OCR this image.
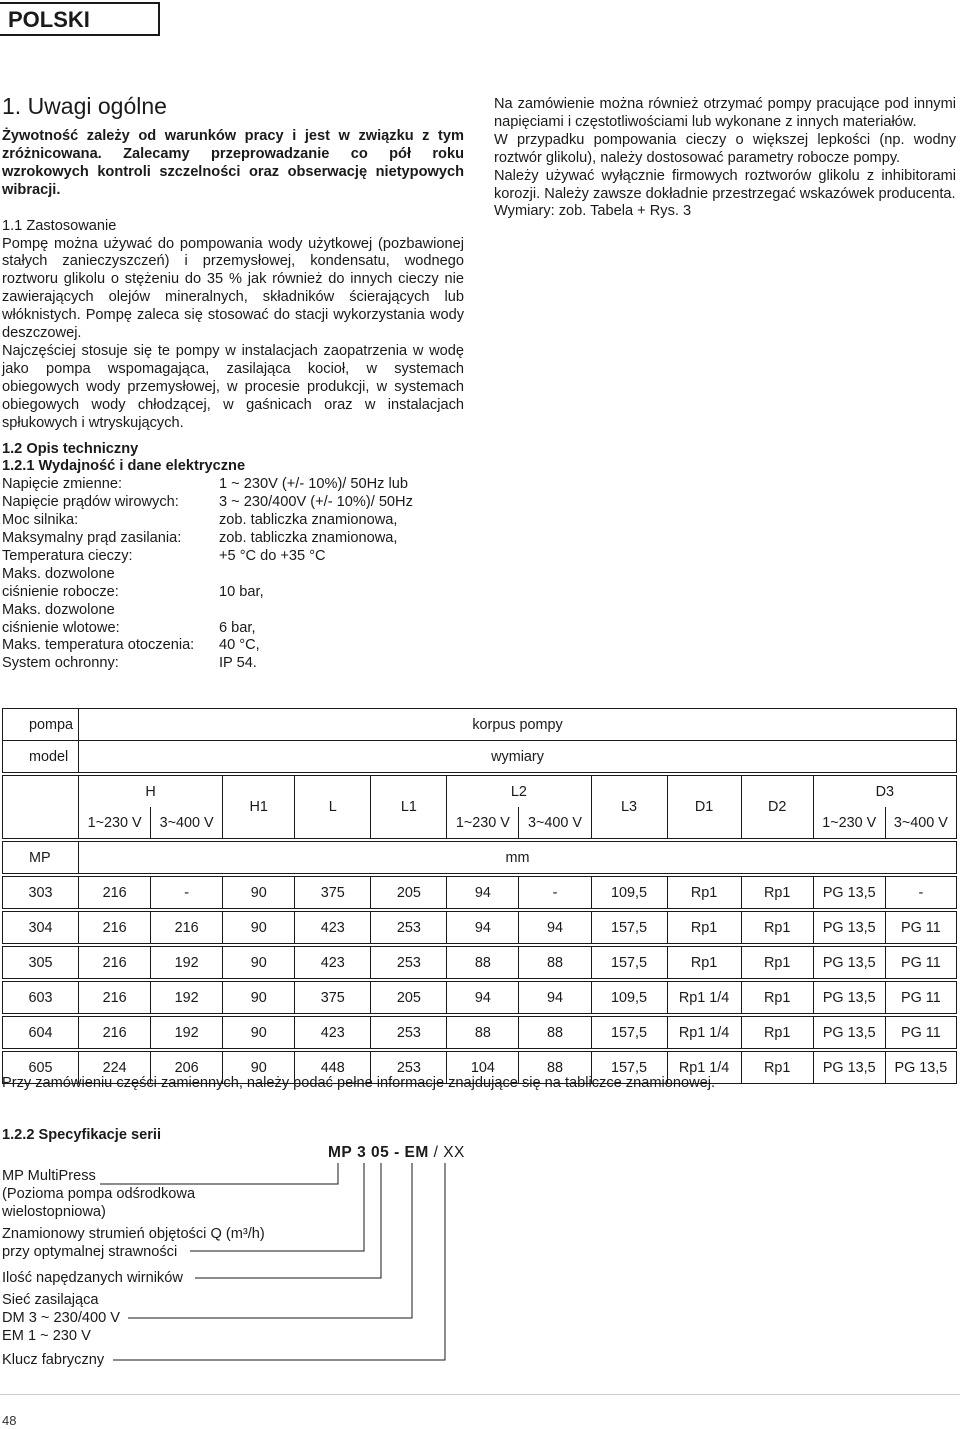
POLSKI
1. Uwagi ogólne

Żywotność zależy od warunków pracy i jest w związku z tym zróżnicowana. Zalecamy przeprowadzanie co pół roku wzrokowych kontroli szczelności oraz obserwację nietypowych wibracji.

1.1 Zastosowanie

Pompę można używać do pompowania wody użytkowej (pozbawionej stałych zanieczyszczeń) i przemysłowej, kondensatu, wodnego roztworu glikolu o stężeniu do 35 % jak również do innych cieczy nie zawierających olejów mineralnych, składników ścierających lub włóknistych. Pompę zaleca się stosować do stacji wykorzystania wody deszczowej.

Najczęściej stosuje się te pompy w instalacjach zaopatrzenia w wodę jako pompa wspomagająca, zasilająca kocioł, w systemach obiegowych wody przemysłowej, w procesie produkcji, w systemach obiegowych wody chłodzącej, w gaśnicach oraz w instalacjach spłukowych i wtryskujących.

1.2 Opis techniczny
1.2.1 Wydajność i dane elektryczne
Napięcie zmienne:	1 ~ 230V (+/- 10%)/ 50Hz lub
Napięcie prądów wirowych:	3 ~ 230/400V (+/- 10%)/ 50Hz
Moc silnika:	zob. tabliczka znamionowa,
Maksymalny prąd zasilania:	zob. tabliczka znamionowa,
Temperatura cieczy:	+5 °C do +35 °C
Maks. dozwolone
ciśnienie robocze:	10 bar,
Maks. dozwolone
ciśnienie wlotowe:	6 bar,
Maks. temperatura otoczenia:	40 °C,
System ochronny:	IP 54.

Na zamówienie można również otrzymać pompy pracujące pod innymi napięciami i częstotliwościami lub wykonane z innych materiałów.

W przypadku pompowania cieczy o większej lepkości (np. wodny roztwór glikolu), należy dostosować parametry robocze pompy.

Należy używać wyłącznie firmowych roztworów glikolu z inhibitorami korozji. Należy zawsze dokładnie przestrzegać wskazówek producenta.

Wymiary: zob. Tabela + Rys. 3

pompa	korpus pompy											
model	wymiary											

	H		H1	L	L1	L2		L3	D1	D2	D3	
	1~230 V	3~400 V				1~230 V	3~400 V				1~230 V	3~400 V

MP	mm											

303	216	-	90	375	205	94	-	109,5	Rp1	Rp1	PG 13,5	-

304	216	216	90	423	253	94	94	157,5	Rp1	Rp1	PG 13,5	PG 11

305	216	192	90	423	253	88	88	157,5	Rp1	Rp1	PG 13,5	PG 11

603	216	192	90	375	205	94	94	109,5	Rp1 1/4	Rp1	PG 13,5	PG 11

604	216	192	90	423	253	88	88	157,5	Rp1 1/4	Rp1	PG 13,5	PG 11

605	224	206	90	448	253	104	88	157,5	Rp1 1/4	Rp1	PG 13,5	PG 13,5
Przy zamówieniu części zamiennych, należy podać pełne informacje znajdujące się na tabliczce znamionowej.
1.2.2 Specyfikacje serii
MP 3 05 - EM / XX
MP MultiPress
(Pozioma pompa odśrodkowa
wielostopniowa)
Znamionowy strumień objętości Q (m³/h)
przy optymalnej strawności
Ilość napędzanych wirników
Sieć zasilająca
DM 3 ~ 230/400 V
EM 1 ~ 230 V
Klucz fabryczny
48
